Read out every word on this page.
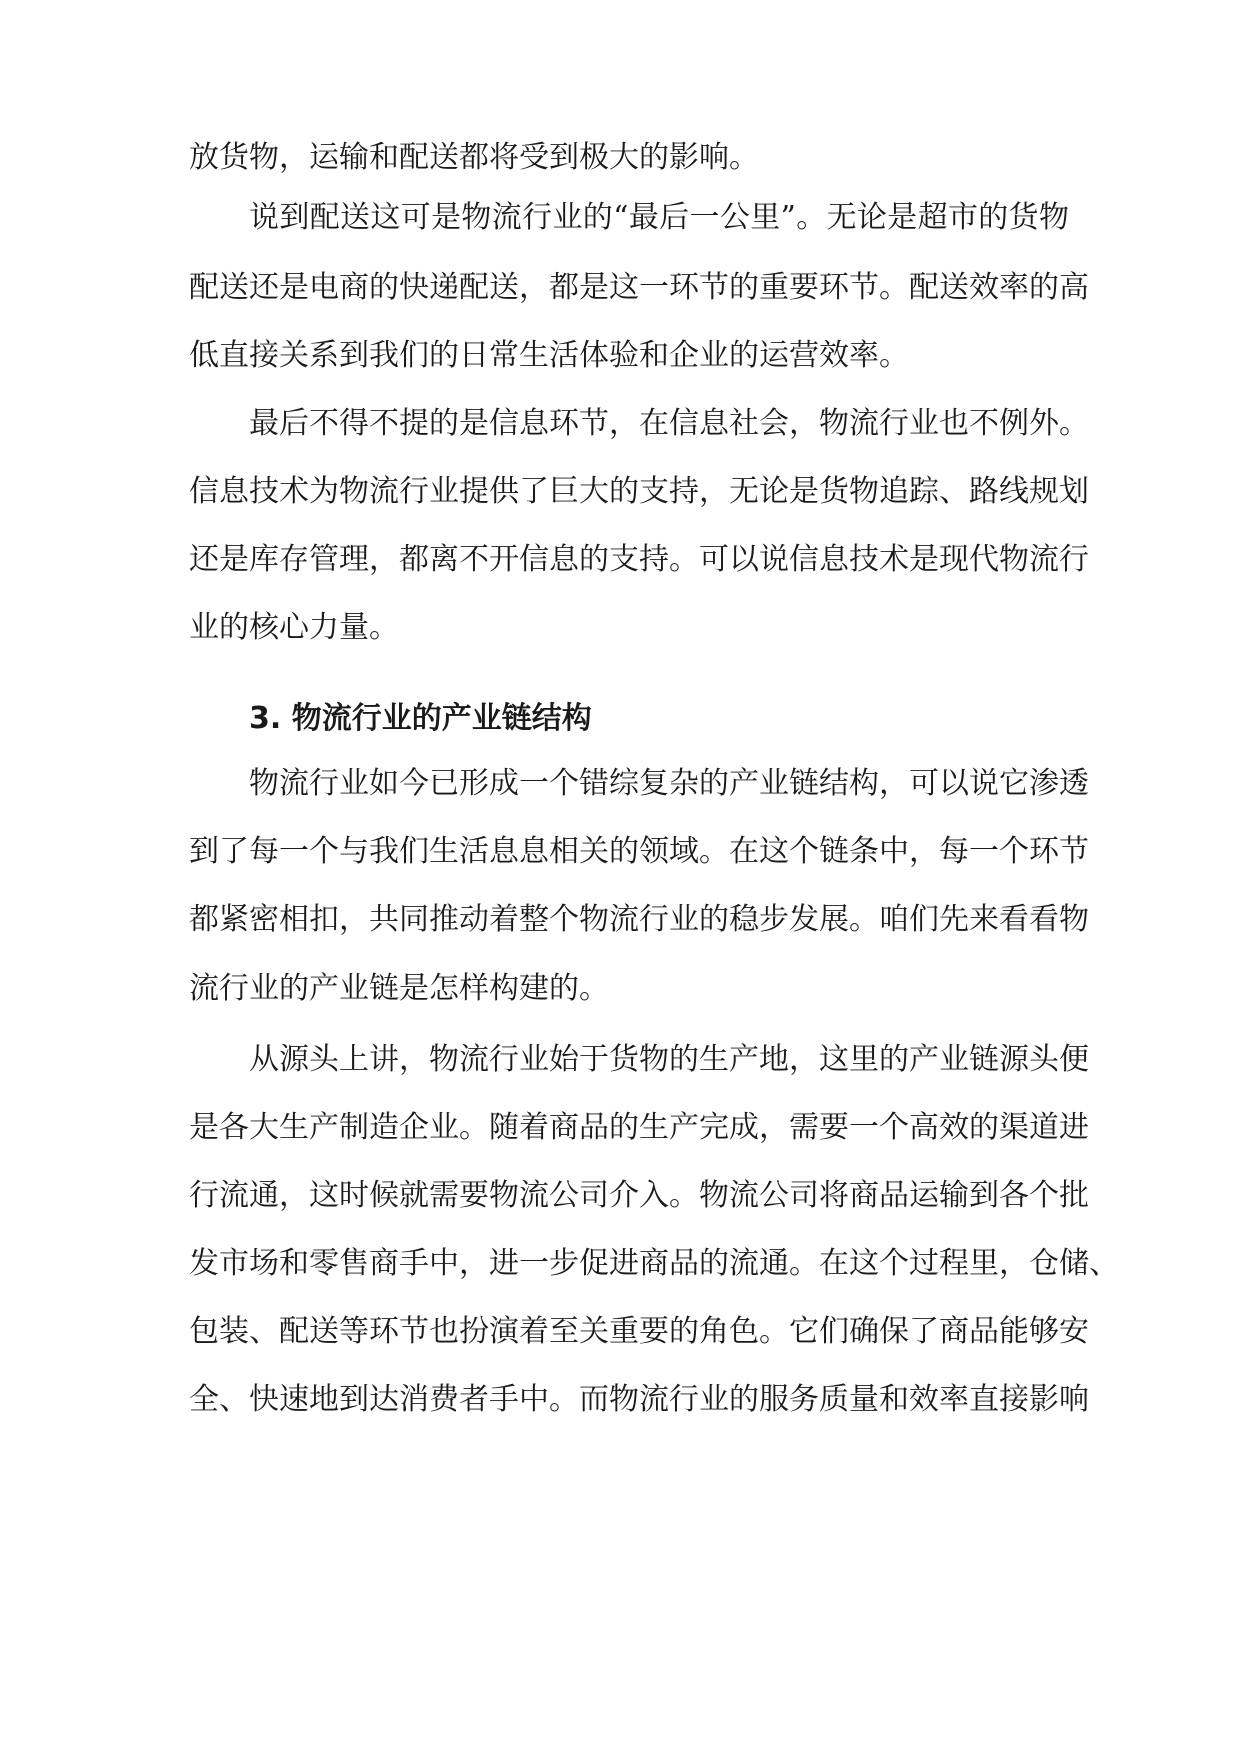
放货物，运输和配送都将受到极大的影响。
说到配送这可是物流行业的“最后一公里”。无论是超市的货物
配送还是电商的快递配送，都是这一环节的重要环节。配送效率的高
低直接关系到我们的日常生活体验和企业的运营效率。
最后不得不提的是信息环节，在信息社会，物流行业也不例外。
信息技术为物流行业提供了巨大的支持，无论是货物追踪、路线规划
还是库存管理，都离不开信息的支持。可以说信息技术是现代物流行
业的核心力量。
3. 物流行业的产业链结构
物流行业如今已形成一个错综复杂的产业链结构，可以说它渗透
到了每一个与我们生活息息相关的领域。在这个链条中，每一个环节
都紧密相扣，共同推动着整个物流行业的稳步发展。咱们先来看看物
流行业的产业链是怎样构建的。
从源头上讲，物流行业始于货物的生产地，这里的产业链源头便
是各大生产制造企业。随着商品的生产完成，需要一个高效的渠道进
行流通，这时候就需要物流公司介入。物流公司将商品运输到各个批
发市场和零售商手中，进一步促进商品的流通。在这个过程里，仓储、
包装、配送等环节也扮演着至关重要的角色。它们确保了商品能够安
全、快速地到达消费者手中。而物流行业的服务质量和效率直接影响
